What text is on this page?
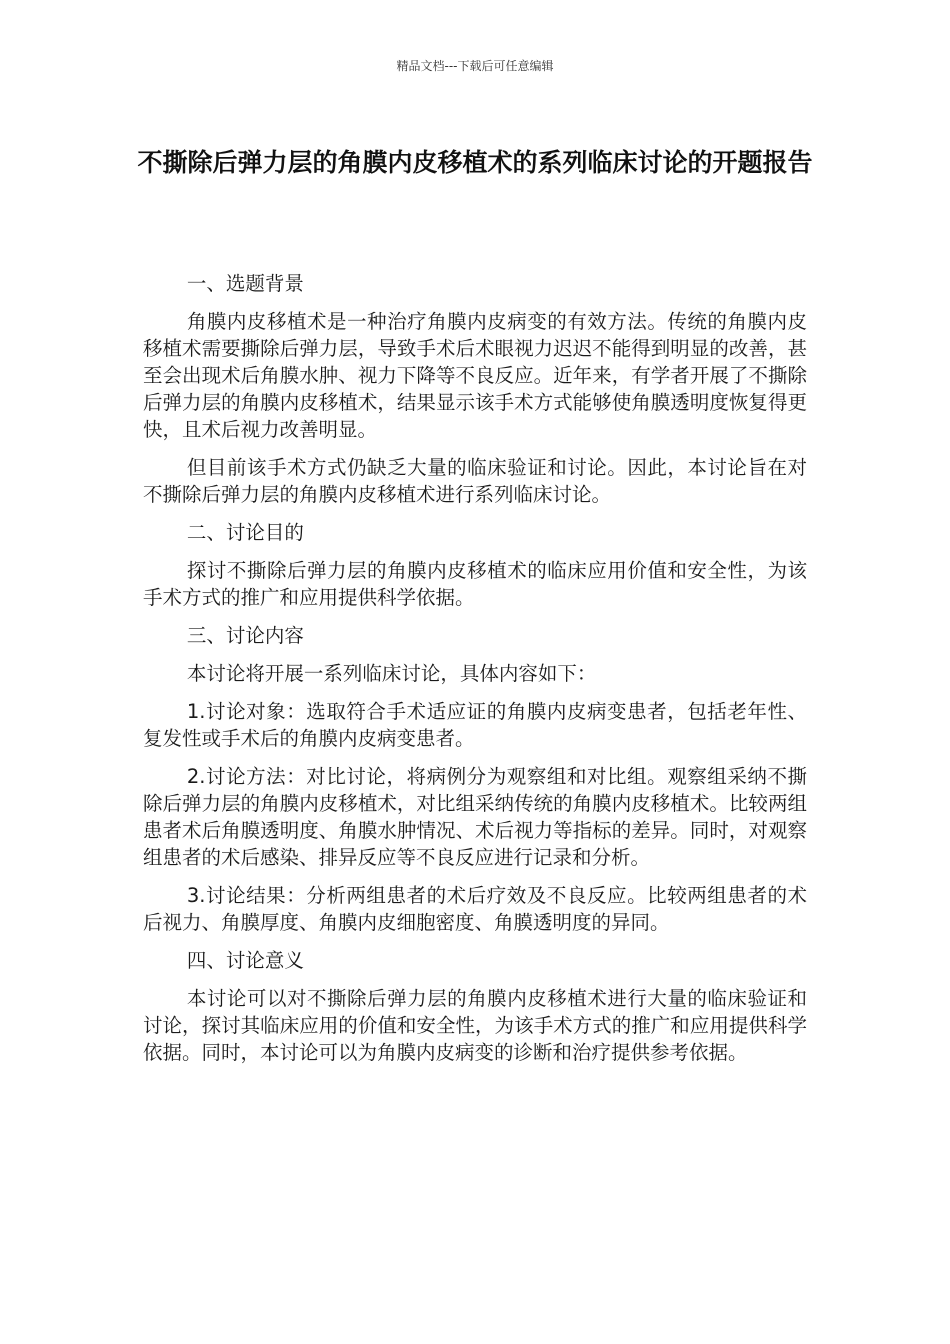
精品文档---下载后可任意编辑
不撕除后弹力层的角膜内皮移植术的系列临床讨论的开题报告

一、选题背景

角膜内皮移植术是一种治疗角膜内皮病变的有效方法。传统的角膜内皮移植术需要撕除后弹力层，导致手术后术眼视力迟迟不能得到明显的改善，甚至会出现术后角膜水肿、视力下降等不良反应。近年来，有学者开展了不撕除后弹力层的角膜内皮移植术，结果显示该手术方式能够使角膜透明度恢复得更快，且术后视力改善明显。

但目前该手术方式仍缺乏大量的临床验证和讨论。因此，本讨论旨在对不撕除后弹力层的角膜内皮移植术进行系列临床讨论。

二、讨论目的

探讨不撕除后弹力层的角膜内皮移植术的临床应用价值和安全性，为该手术方式的推广和应用提供科学依据。

三、讨论内容

本讨论将开展一系列临床讨论，具体内容如下：

1.讨论对象：选取符合手术适应证的角膜内皮病变患者，包括老年性、复发性或手术后的角膜内皮病变患者。

2.讨论方法：对比讨论，将病例分为观察组和对比组。观察组采纳不撕除后弹力层的角膜内皮移植术，对比组采纳传统的角膜内皮移植术。比较两组患者术后角膜透明度、角膜水肿情况、术后视力等指标的差异。同时，对观察组患者的术后感染、排异反应等不良反应进行记录和分析。

3.讨论结果：分析两组患者的术后疗效及不良反应。比较两组患者的术后视力、角膜厚度、角膜内皮细胞密度、角膜透明度的异同。

四、讨论意义

本讨论可以对不撕除后弹力层的角膜内皮移植术进行大量的临床验证和讨论，探讨其临床应用的价值和安全性，为该手术方式的推广和应用提供科学依据。同时，本讨论可以为角膜内皮病变的诊断和治疗提供参考依据。
